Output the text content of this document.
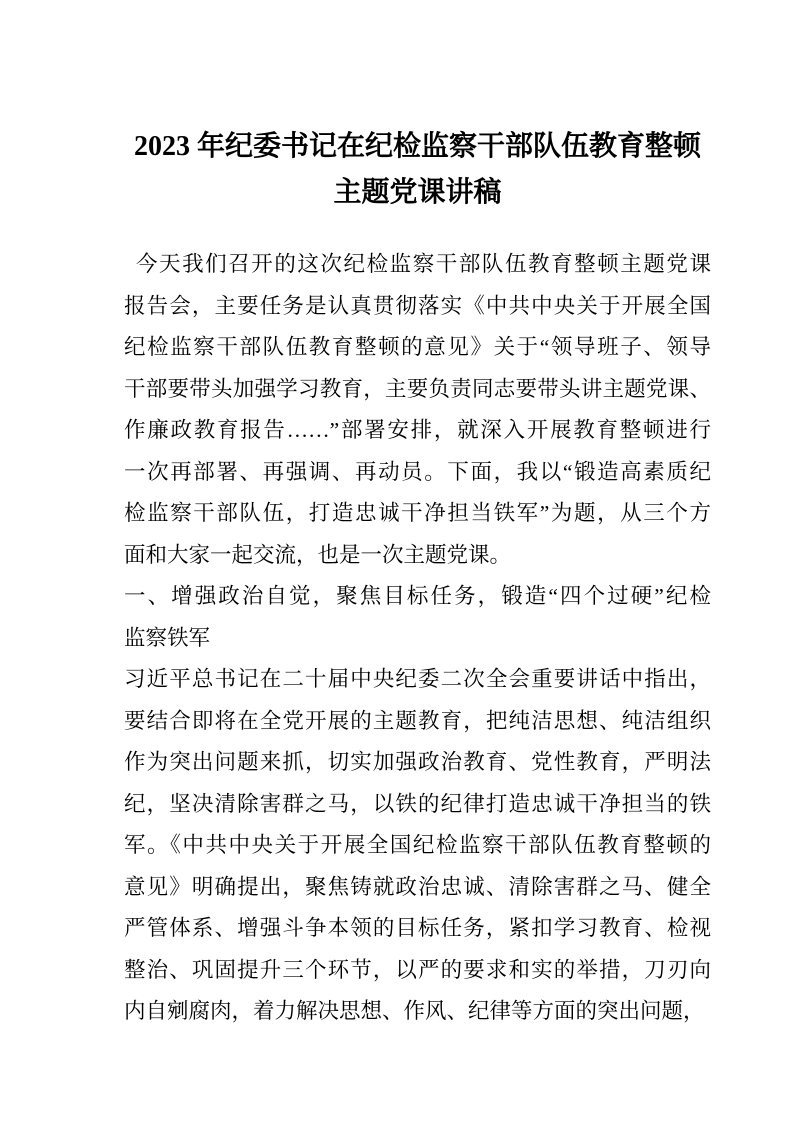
2023 年纪委书记在纪检监察干部队伍教育整顿主题党课讲稿
今天我们召开的这次纪检监察干部队伍教育整顿主题党课
报告会，主要任务是认真贯彻落实《中共中央关于开展全国
纪检监察干部队伍教育整顿的意见》关于“领导班子、领导
干部要带头加强学习教育，主要负责同志要带头讲主题党课、
作廉政教育报告……”部署安排，就深入开展教育整顿进行
一次再部署、再强调、再动员。下面，我以“锻造高素质纪
检监察干部队伍，打造忠诚干净担当铁军”为题，从三个方
面和大家一起交流，也是一次主题党课。
一、增强政治自觉，聚焦目标任务，锻造“四个过硬”纪检
监察铁军
习近平总书记在二十届中央纪委二次全会重要讲话中指出，
要结合即将在全党开展的主题教育，把纯洁思想、纯洁组织
作为突出问题来抓，切实加强政治教育、党性教育，严明法
纪，坚决清除害群之马，以铁的纪律打造忠诚干净担当的铁
军。《中共中央关于开展全国纪检监察干部队伍教育整顿的
意见》明确提出，聚焦铸就政治忠诚、清除害群之马、健全
严管体系、增强斗争本领的目标任务，紧扣学习教育、检视
整治、巩固提升三个环节，以严的要求和实的举措，刀刃向
内自剜腐肉，着力解决思想、作风、纪律等方面的突出问题，
